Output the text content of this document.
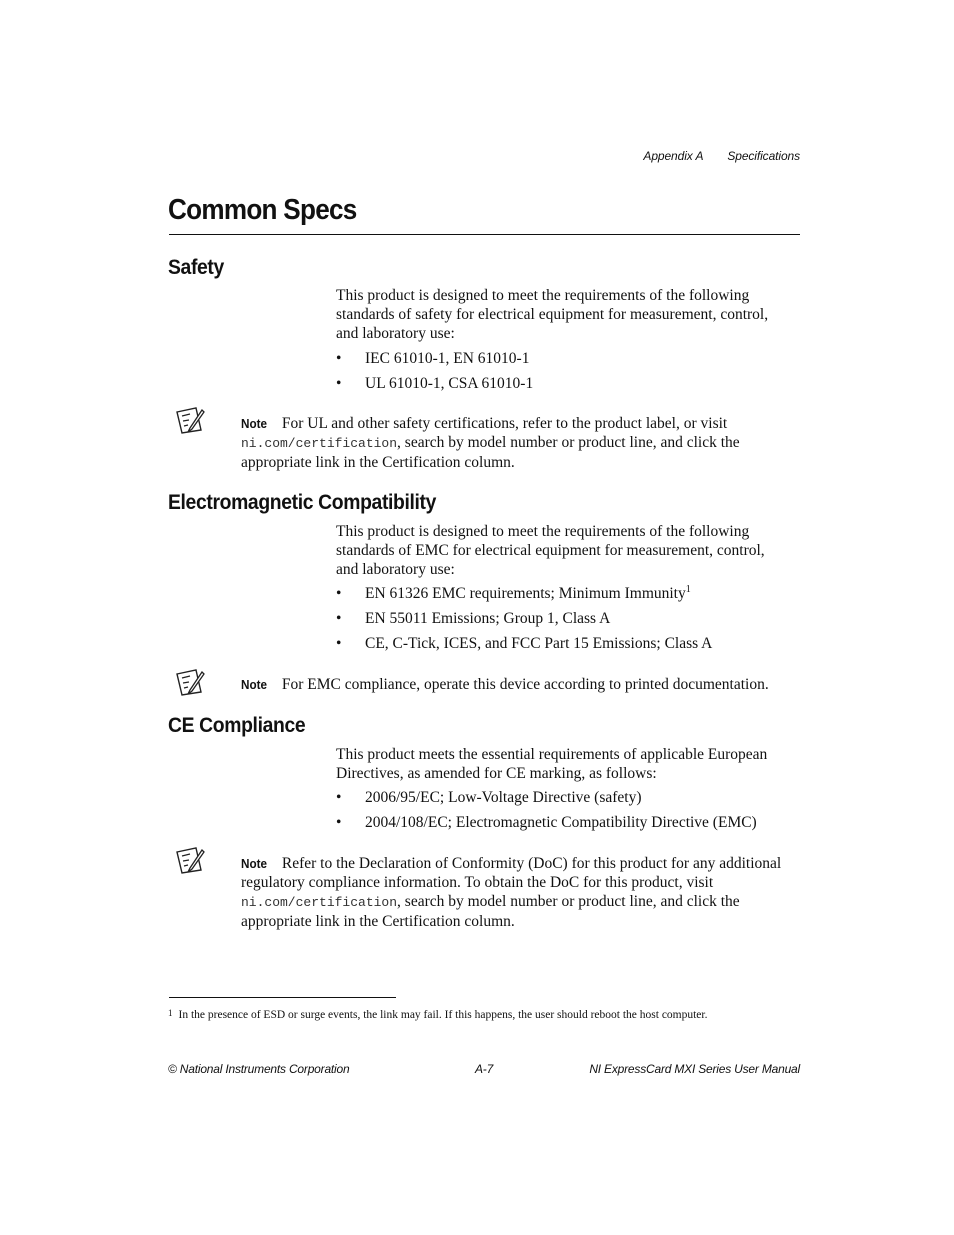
Appendix A Specifications
Common Specs
Safety

This product is designed to meet the requirements of the following standards of safety for electrical equipment for measurement, control, and laboratory use:

• IEC 61010-1, EN 61010-1
• UL 61010-1, CSA 61010-1

Note For UL and other safety certifications, refer to the product label, or visit ni.com/certification, search by model number or product line, and click the appropriate link in the Certification column.

Electromagnetic Compatibility

This product is designed to meet the requirements of the following standards of EMC for electrical equipment for measurement, control, and laboratory use:

• EN 61326 EMC requirements; Minimum Immunity$^1$
• EN 55011 Emissions; Group 1, Class A
• CE, C-Tick, ICES, and FCC Part 15 Emissions; Class A

Note For EMC compliance, operate this device according to printed documentation.

CE Compliance

This product meets the essential requirements of applicable European Directives, as amended for CE marking, as follows:

• 2006/95/EC; Low-Voltage Directive (safety)
• 2004/108/EC; Electromagnetic Compatibility Directive (EMC)

Note Refer to the Declaration of Conformity (DoC) for this product for any additional regulatory compliance information. To obtain the DoC for this product, visit ni.com/certification, search by model number or product line, and click the appropriate link in the Certification column.

1 In the presence of ESD or surge events, the link may fail. If this happens, the user should reboot the host computer.
© National Instruments Corporation	A-7	NI ExpressCard MXI Series User Manual
